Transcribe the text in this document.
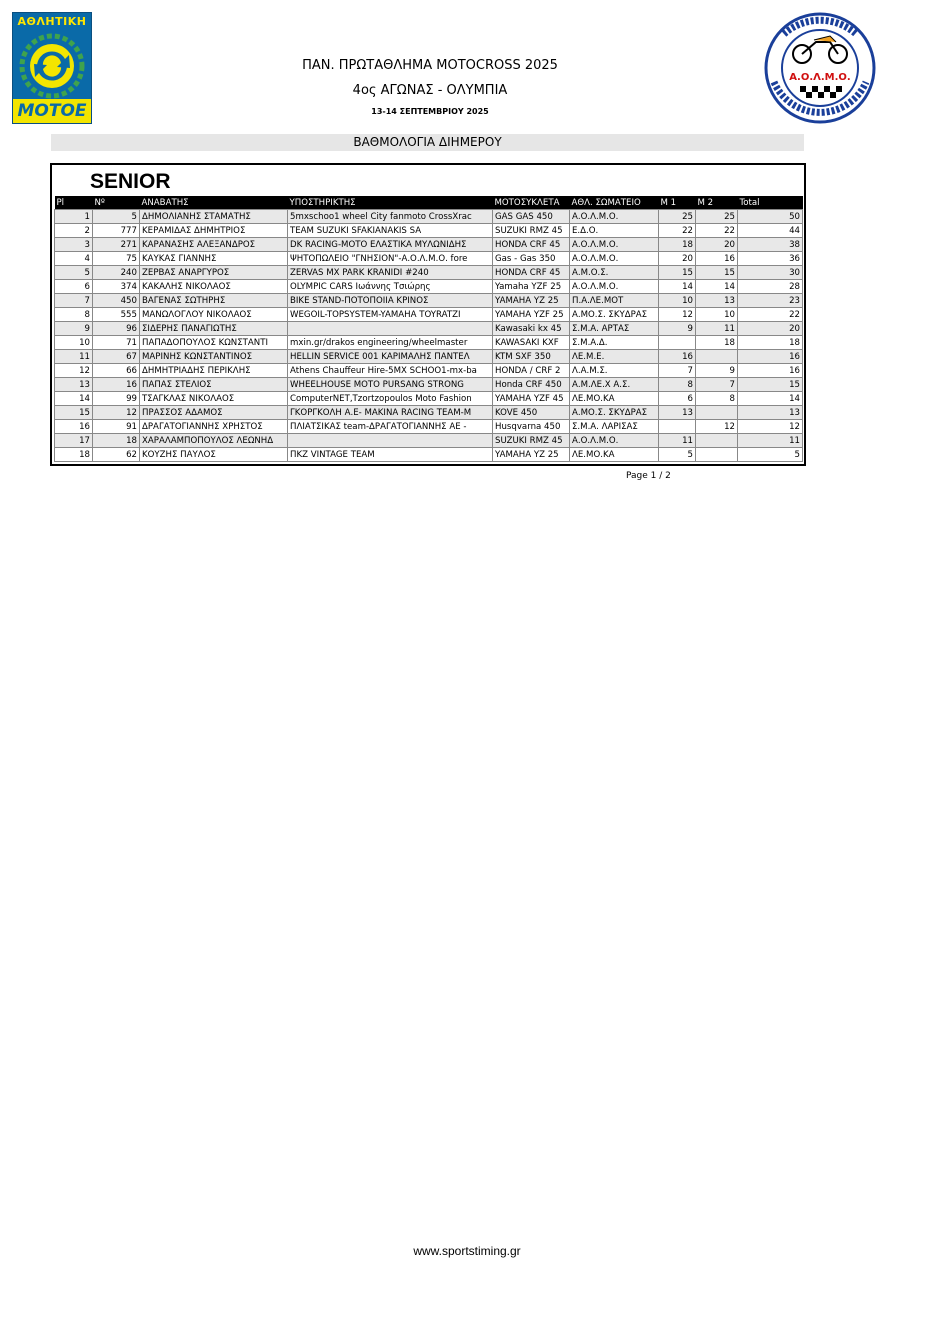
ΑΘΛΗΤΙΚΗ
ΜΟΤΟΕ
Α.Ο.Λ.Μ.Ο.
ΠΑΝ. ΠΡΩΤΑΘΛΗΜΑ MOTOCROSS 2025
4ος ΑΓΩΝΑΣ - ΟΛΥΜΠΙΑ
13-14 ΣΕΠΤΕΜΒΡΙΟΥ 2025
ΒΑΘΜΟΛΟΓΙΑ ΔΙΗΜΕΡΟΥ
SENIOR
Pl	Nº	ΑΝΑΒΑΤΗΣ	ΥΠΟΣΤΗΡΙΚΤΗΣ	ΜΟΤΟΣΥΚΛΕΤΑ	ΑΘΛ. ΣΩΜΑΤΕΙΟ	M 1	M 2	Total
1	5	ΔΗΜΟΛΙΑΝΗΣ ΣΤΑΜΑΤΗΣ	5mxschoo1 wheel City fanmoto CrossXrac	GAS GAS 450	Α.Ο.Λ.Μ.Ο.	25	25	50
2	777	ΚΕΡΑΜΙΔΑΣ ΔΗΜΗΤΡΙΟΣ	TEAM SUZUKI SFAKIANAKIS SA	SUZUKI RMZ 45	Ε.Δ.Ο.	22	22	44
3	271	ΚΑΡΑΝΑΣΗΣ ΑΛΕΞΑΝΔΡΟΣ	DK RACING-MOTO ΕΛΑΣΤΙΚΑ ΜΥΛΩΝΙΔΗΣ	HONDA CRF 45	Α.Ο.Λ.Μ.Ο.	18	20	38
4	75	ΚΑΥΚΑΣ ΓΙΑΝΝΗΣ	ΨΗΤΟΠΩΛΕΙΟ "ΓΝΗΣΙΟΝ"-Α.Ο.Λ.Μ.Ο. fore	Gas - Gas 350	Α.Ο.Λ.Μ.Ο.	20	16	36
5	240	ΖΕΡΒΑΣ ΑΝΑΡΓΥΡΟΣ	ZERVAS MX PARK KRANIDI #240	HONDA CRF 45	Α.Μ.Ο.Σ.	15	15	30
6	374	ΚΑΚΑΛΗΣ ΝΙΚΟΛΑΟΣ	OLYMPIC CARS Ιωάννης Τσιώρης	Yamaha YZF 25	Α.Ο.Λ.Μ.Ο.	14	14	28
7	450	ΒΑΓΕΝΑΣ ΣΩΤΗΡΗΣ	BIKE STAND-ΠΟΤΟΠΟΙΙΑ ΚΡΙΝΟΣ	YAMAHA YZ 25	Π.Α.ΛΕ.ΜΟΤ	10	13	23
8	555	ΜΑΝΩΛΟΓΛΟΥ ΝΙΚΟΛΑΟΣ	WEGOIL-TOPSYSTEM-YAMAHA TOYRATZI	YAMAHA YZF 25	Α.ΜΟ.Σ. ΣΚΥΔΡΑΣ	12	10	22
9	96	ΣΙΔΕΡΗΣ ΠΑΝΑΓΙΩΤΗΣ		Kawasaki kx 45	Σ.Μ.Α. ΑΡΤΑΣ	9	11	20
10	71	ΠΑΠΑΔΟΠΟΥΛΟΣ ΚΩΝΣΤΑΝΤΙ	mxin.gr/drakos engineering/wheelmaster	KAWASAKI KXF	Σ.Μ.Α.Δ.		18	18
11	67	ΜΑΡΙΝΗΣ ΚΩΝΣΤΑΝΤΙΝΟΣ	HELLIN SERVICE 001 ΚΑΡΙΜΑΛΗΣ ΠΑΝΤΕΛ	KTM SXF 350	ΛΕ.Μ.Ε.	16		16
12	66	ΔΗΜΗΤΡΙΑΔΗΣ ΠΕΡΙΚΛΗΣ	Athens Chauffeur Hire-5MX SCHOO1-mx-ba	HONDA / CRF 2	Λ.Α.Μ.Σ.	7	9	16
13	16	ΠΑΠΑΣ ΣΤΕΛΙΟΣ	WHEELHOUSE MOTO PURSANG STRONG	Honda CRF 450	Α.Μ.ΛΕ.Χ Α.Σ.	8	7	15
14	99	ΤΣΑΓΚΛΑΣ ΝΙΚΟΛΑΟΣ	ComputerNET,Tzortzopoulos Moto Fashion	YAMAHA YZF 45	ΛΕ.ΜΟ.ΚΑ	6	8	14
15	12	ΠΡΑΣΣΟΣ ΑΔΑΜΟΣ	ΓΚΟΡΓΚΟΛΗ Α.Ε- ΜΑΚΙΝΑ RACING TEAM-Μ	KOVE 450	Α.ΜΟ.Σ. ΣΚΥΔΡΑΣ	13		13
16	91	ΔΡΑΓΑΤΟΓΙΑΝΝΗΣ ΧΡΗΣΤΟΣ	ΠΛΙΑΤΣΙΚΑΣ team-ΔΡΑΓΑΤΟΓΙΑΝΝΗΣ ΑΕ -	Husqvarna 450	Σ.Μ.Α. ΛΑΡΙΣΑΣ		12	12
17	18	ΧΑΡΑΛΑΜΠΟΠΟΥΛΟΣ ΛΕΩΝΗΔ		SUZUKI RMZ 45	Α.Ο.Λ.Μ.Ο.	11		11
18	62	ΚΟΥΖΗΣ ΠΑΥΛΟΣ	ΠΚΖ VINTAGE TEAM	YAMAHA YZ 25	ΛΕ.ΜΟ.ΚΑ	5		5
Page 1 / 2
www.sportstiming.gr
